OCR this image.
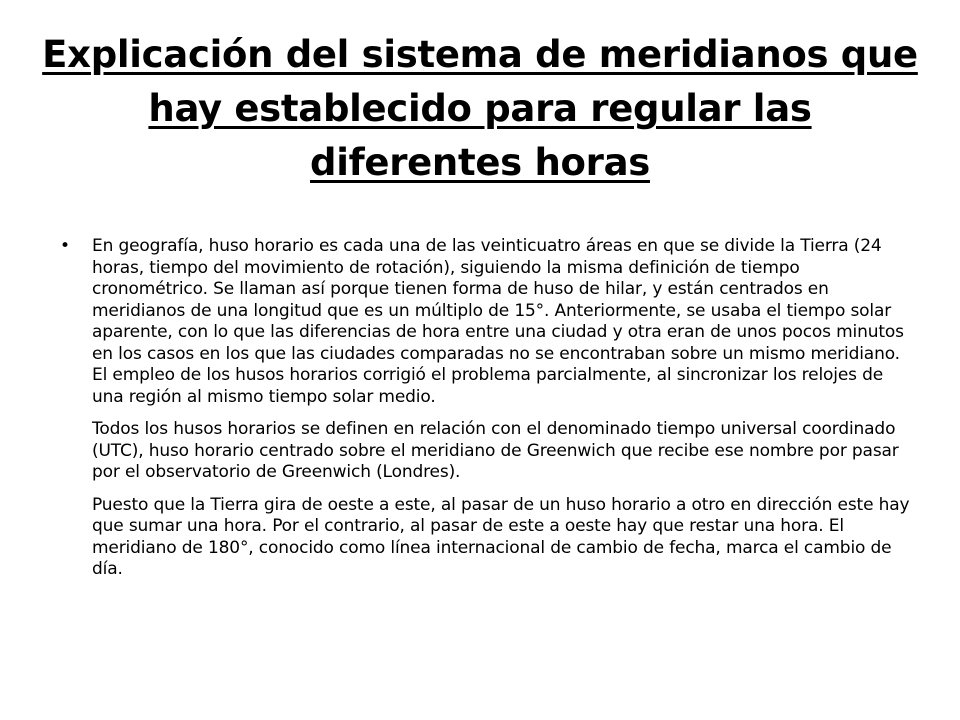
Explicación del sistema de meridianos que hay establecido para regular las diferentes horas
• En geografía, huso horario es cada una de las veinticuatro áreas en que se divide la Tierra (24 horas, tiempo del movimiento de rotación), siguiendo la misma definición de tiempo cronométrico. Se llaman así porque tienen forma de huso de hilar, y están centrados en meridianos de una longitud que es un múltiplo de 15°. Anteriormente, se usaba el tiempo solar aparente, con lo que las diferencias de hora entre una ciudad y otra eran de unos pocos minutos en los casos en los que las ciudades comparadas no se encontraban sobre un mismo meridiano. El empleo de los husos horarios corrigió el problema parcialmente, al sincronizar los relojes de una región al mismo tiempo solar medio.

Todos los husos horarios se definen en relación con el denominado tiempo universal coordinado (UTC), huso horario centrado sobre el meridiano de Greenwich que recibe ese nombre por pasar por el observatorio de Greenwich (Londres).

Puesto que la Tierra gira de oeste a este, al pasar de un huso horario a otro en dirección este hay que sumar una hora. Por el contrario, al pasar de este a oeste hay que restar una hora. El meridiano de 180°, conocido como línea internacional de cambio de fecha, marca el cambio de día.
